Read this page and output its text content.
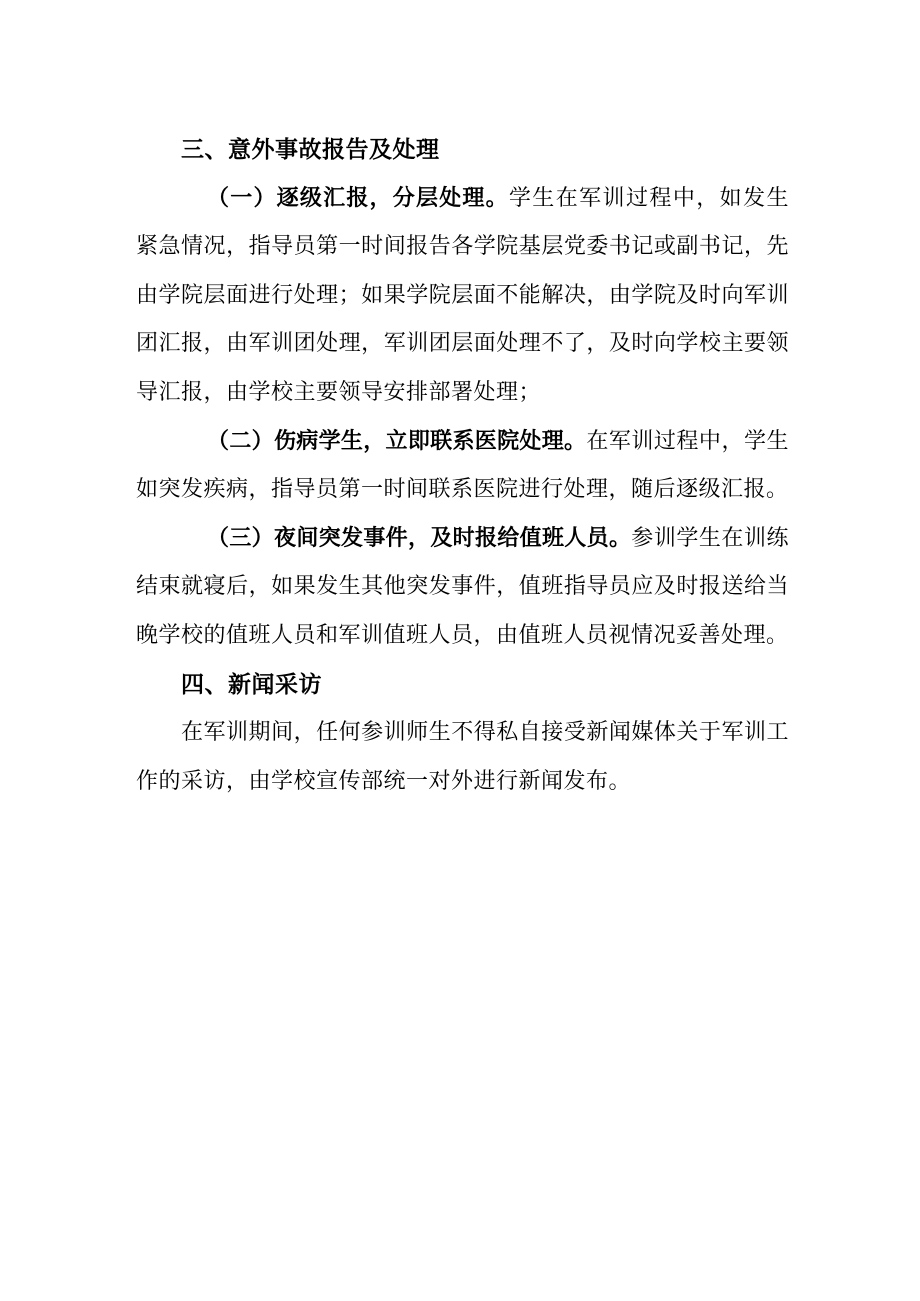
三、意外事故报告及处理

（一）逐级汇报，分层处理。学生在军训过程中，如发生紧急情况，指导员第一时间报告各学院基层党委书记或副书记，先由学院层面进行处理；如果学院层面不能解决，由学院及时向军训团汇报，由军训团处理，军训团层面处理不了，及时向学校主要领导汇报，由学校主要领导安排部署处理；

（二）伤病学生，立即联系医院处理。在军训过程中，学生如突发疾病，指导员第一时间联系医院进行处理，随后逐级汇报。

（三）夜间突发事件，及时报给值班人员。参训学生在训练结束就寝后，如果发生其他突发事件，值班指导员应及时报送给当晚学校的值班人员和军训值班人员，由值班人员视情况妥善处理。

四、新闻采访

在军训期间，任何参训师生不得私自接受新闻媒体关于军训工作的采访，由学校宣传部统一对外进行新闻发布。
